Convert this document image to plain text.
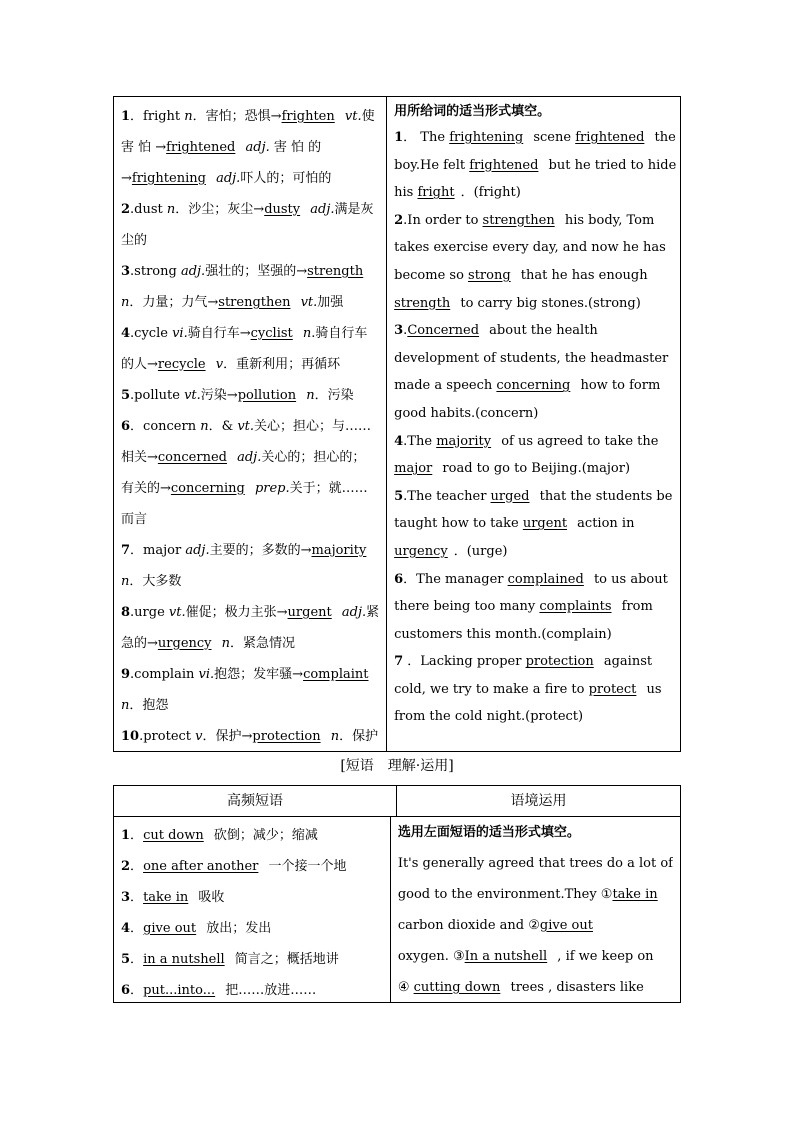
1．fright n．害怕；恐惧→frighten vt.使
害 怕 →frightened adj. 害 怕 的
→frightening adj.吓人的；可怕的
2.dust n．沙尘；灰尘→dusty adj.满是灰
尘的
3.strong adj.强壮的；坚强的→strength
n．力量；力气→strengthen vt.加强
4.cycle vi.骑自行车→cyclist n.骑自行车
的人→recycle v．重新利用；再循环
5.pollute vt.污染→pollution n．污染
6．concern n．& vt.关心；担心；与……
相关→concerned adj.关心的；担心的；
有关的→concerning prep.关于；就……
而言
7．major adj.主要的；多数的→majority
n．大多数
8.urge vt.催促；极力主张→urgent adj.紧
急的→urgency n．紧急情况
9.complain vi.抱怨；发牢骚→complaint
n．抱怨
10.protect v．保护→protection n．保护
用所给词的适当形式填空。
1． The frightening scene frightened the
boy.He felt frightened but he tried to hide
his fright ．(fright)
2.In order to strengthen his body, Tom
takes exercise every day, and now he has
become so strong that he has enough
strength to carry big stones.(strong)
3.Concerned about the health
development of students, the headmaster
made a speech concerning how to form
good habits.(concern)
4.The majority of us agreed to take the
major road to go to Beijing.(major)
5.The teacher urged that the students be
taught how to take urgent action in
urgency ．(urge)
6．The manager complained to us about
there being too many complaints from
customers this month.(complain)
7 ．Lacking proper protection against
cold, we try to make a fire to protect us
from the cold night.(protect)
[短语　理解·运用]
高频短语	语境运用
1．cut down 砍倒；减少；缩减
2．one after another 一个接一个地
3．take in 吸收
4．give out 放出；发出
5．in a nutshell 简言之；概括地讲
6．put...into... 把……放进……
选用左面短语的适当形式填空。
It's generally agreed that trees do a lot of
good to the environment.They ①take in
carbon dioxide and ②give out
oxygen. ③In a nutshell , if we keep on
④ cutting down trees , disasters like
